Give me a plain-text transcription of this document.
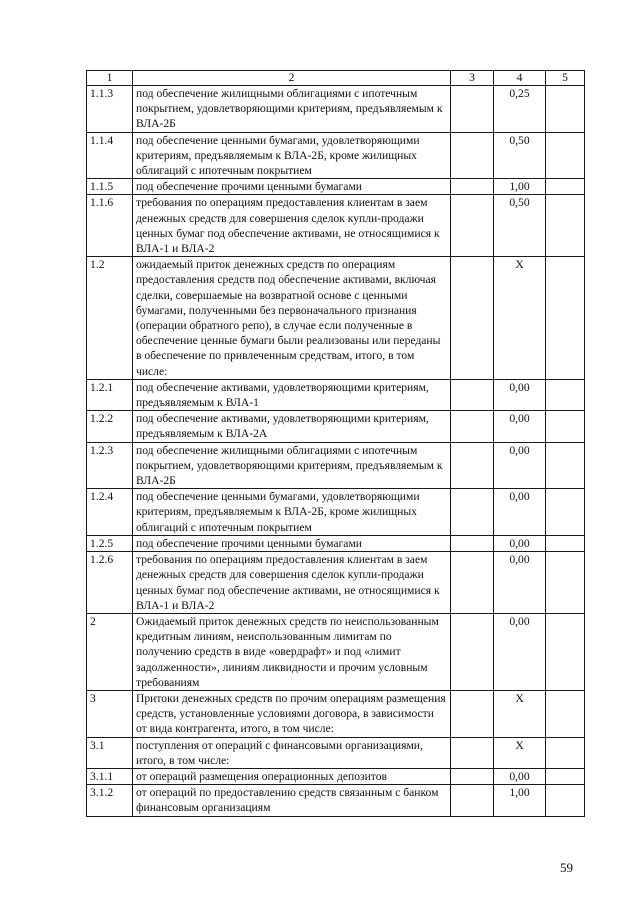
1	2	3	4	5
1.1.3	под обеспечение жилищными облигациями с ипотечным покрытием, удовлетворяющими критериям, предъявляемым к ВЛА-2Б		0,25	
1.1.4	под обеспечение ценными бумагами, удовлетворяющими критериям, предъявляемым к ВЛА-2Б, кроме жилищных облигаций с ипотечным покрытием		0,50	
1.1.5	под обеспечение прочими ценными бумагами		1,00	
1.1.6	требования по операциям предоставления клиентам в заем денежных средств для совершения сделок купли-продажи ценных бумаг под обеспечение активами, не относящимися к ВЛА-1 и ВЛА-2		0,50	
1.2	ожидаемый приток денежных средств по операциям предоставления средств под обеспечение активами, включая сделки, совершаемые на возвратной основе с ценными бумагами, полученными без первоначального признания (операции обратного репо), в случае если полученные в обеспечение ценные бумаги были реализованы или переданы в обеспечение по привлеченным средствам, итого, в том числе:		X	
1.2.1	под обеспечение активами, удовлетворяющими критериям, предъявляемым к ВЛА-1		0,00	
1.2.2	под обеспечение активами, удовлетворяющими критериям, предъявляемым к ВЛА-2А		0,00	
1.2.3	под обеспечение жилищными облигациями с ипотечным покрытием, удовлетворяющими критериям, предъявляемым к ВЛА-2Б		0,00	
1.2.4	под обеспечение ценными бумагами, удовлетворяющими критериям, предъявляемым к ВЛА-2Б, кроме жилищных облигаций с ипотечным покрытием		0,00	
1.2.5	под обеспечение прочими ценными бумагами		0,00	
1.2.6	требования по операциям предоставления клиентам в заем денежных средств для совершения сделок купли-продажи ценных бумаг под обеспечение активами, не относящимися к ВЛА-1 и ВЛА-2		0,00	
2	Ожидаемый приток денежных средств по неиспользованным кредитным линиям, неиспользованным лимитам по получению средств в виде «овердрафт» и под «лимит задолженности», линиям ликвидности и прочим условным требованиям		0,00	
3	Притоки денежных средств по прочим операциям размещения средств, установленные условиями договора, в зависимости от вида контрагента, итого, в том числе:		X	
3.1	поступления от операций с финансовыми организациями, итого, в том числе:		X	
3.1.1	от операций размещения операционных депозитов		0,00	
3.1.2	от операций по предоставлению средств связанным с банком финансовым организациям		1,00	
59
